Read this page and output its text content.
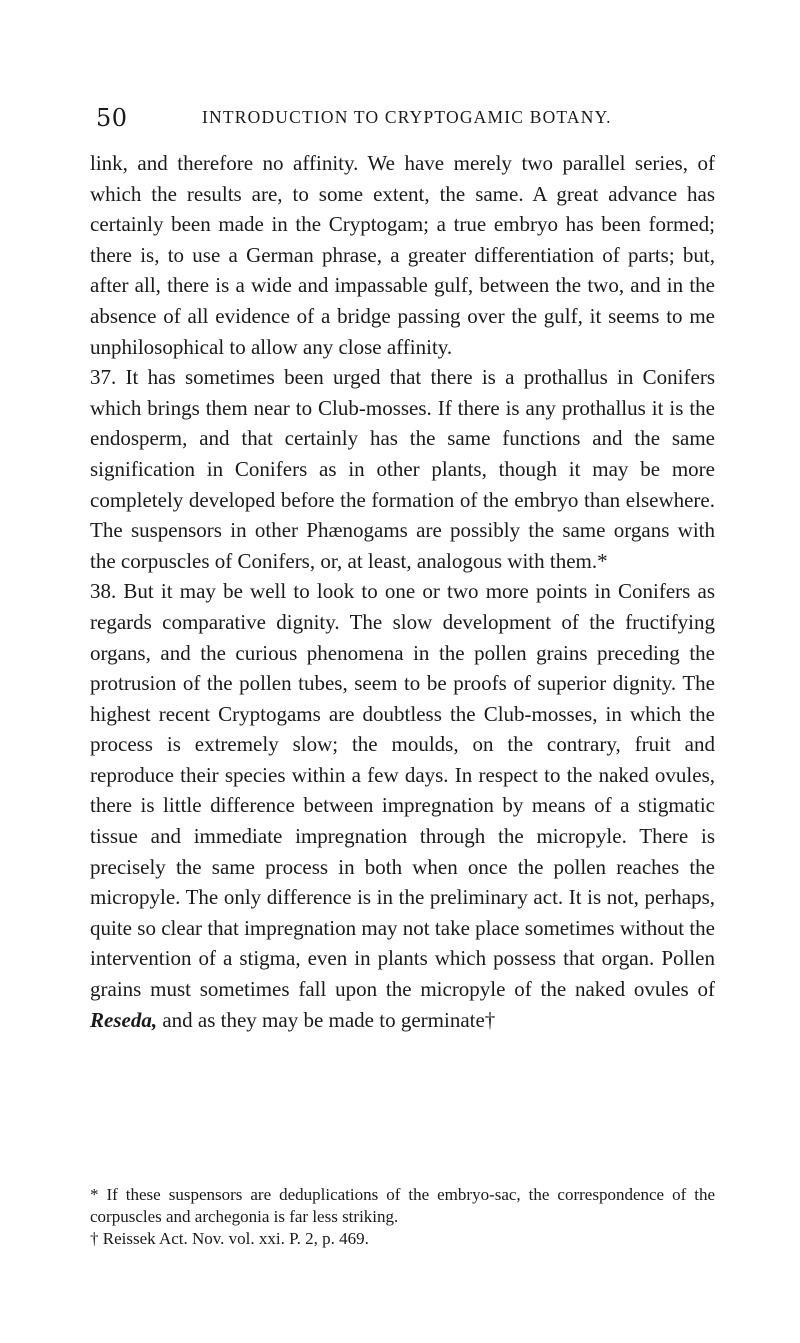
50	INTRODUCTION TO CRYPTOGAMIC BOTANY.

link, and therefore no affinity. We have merely two parallel series, of which the results are, to some extent, the same. A great advance has certainly been made in the Cryptogam; a true embryo has been formed; there is, to use a German phrase, a greater differentiation of parts; but, after all, there is a wide and impassable gulf, between the two, and in the absence of all evidence of a bridge passing over the gulf, it seems to me unphilosophical to allow any close affinity.

37. It has sometimes been urged that there is a prothallus in Conifers which brings them near to Club-mosses. If there is any prothallus it is the endosperm, and that certainly has the same functions and the same signification in Conifers as in other plants, though it may be more completely developed before the formation of the embryo than elsewhere. The suspensors in other Phænogams are possibly the same organs with the corpuscles of Conifers, or, at least, analogous with them.*

38. But it may be well to look to one or two more points in Conifers as regards comparative dignity. The slow development of the fructifying organs, and the curious phenomena in the pollen grains preceding the protrusion of the pollen tubes, seem to be proofs of superior dignity. The highest recent Cryptogams are doubtless the Club-mosses, in which the process is extremely slow; the moulds, on the contrary, fruit and reproduce their species within a few days. In respect to the naked ovules, there is little difference between impregnation by means of a stigmatic tissue and immediate impregnation through the micropyle. There is precisely the same process in both when once the pollen reaches the micropyle. The only difference is in the preliminary act. It is not, perhaps, quite so clear that impregnation may not take place sometimes without the intervention of a stigma, even in plants which possess that organ. Pollen grains must sometimes fall upon the micropyle of the naked ovules of Reseda, and as they may be made to germinate†

* If these suspensors are deduplications of the embryo-sac, the correspondence of the corpuscles and archegonia is far less striking.

† Reissek Act. Nov. vol. xxi. P. 2, p. 469.
